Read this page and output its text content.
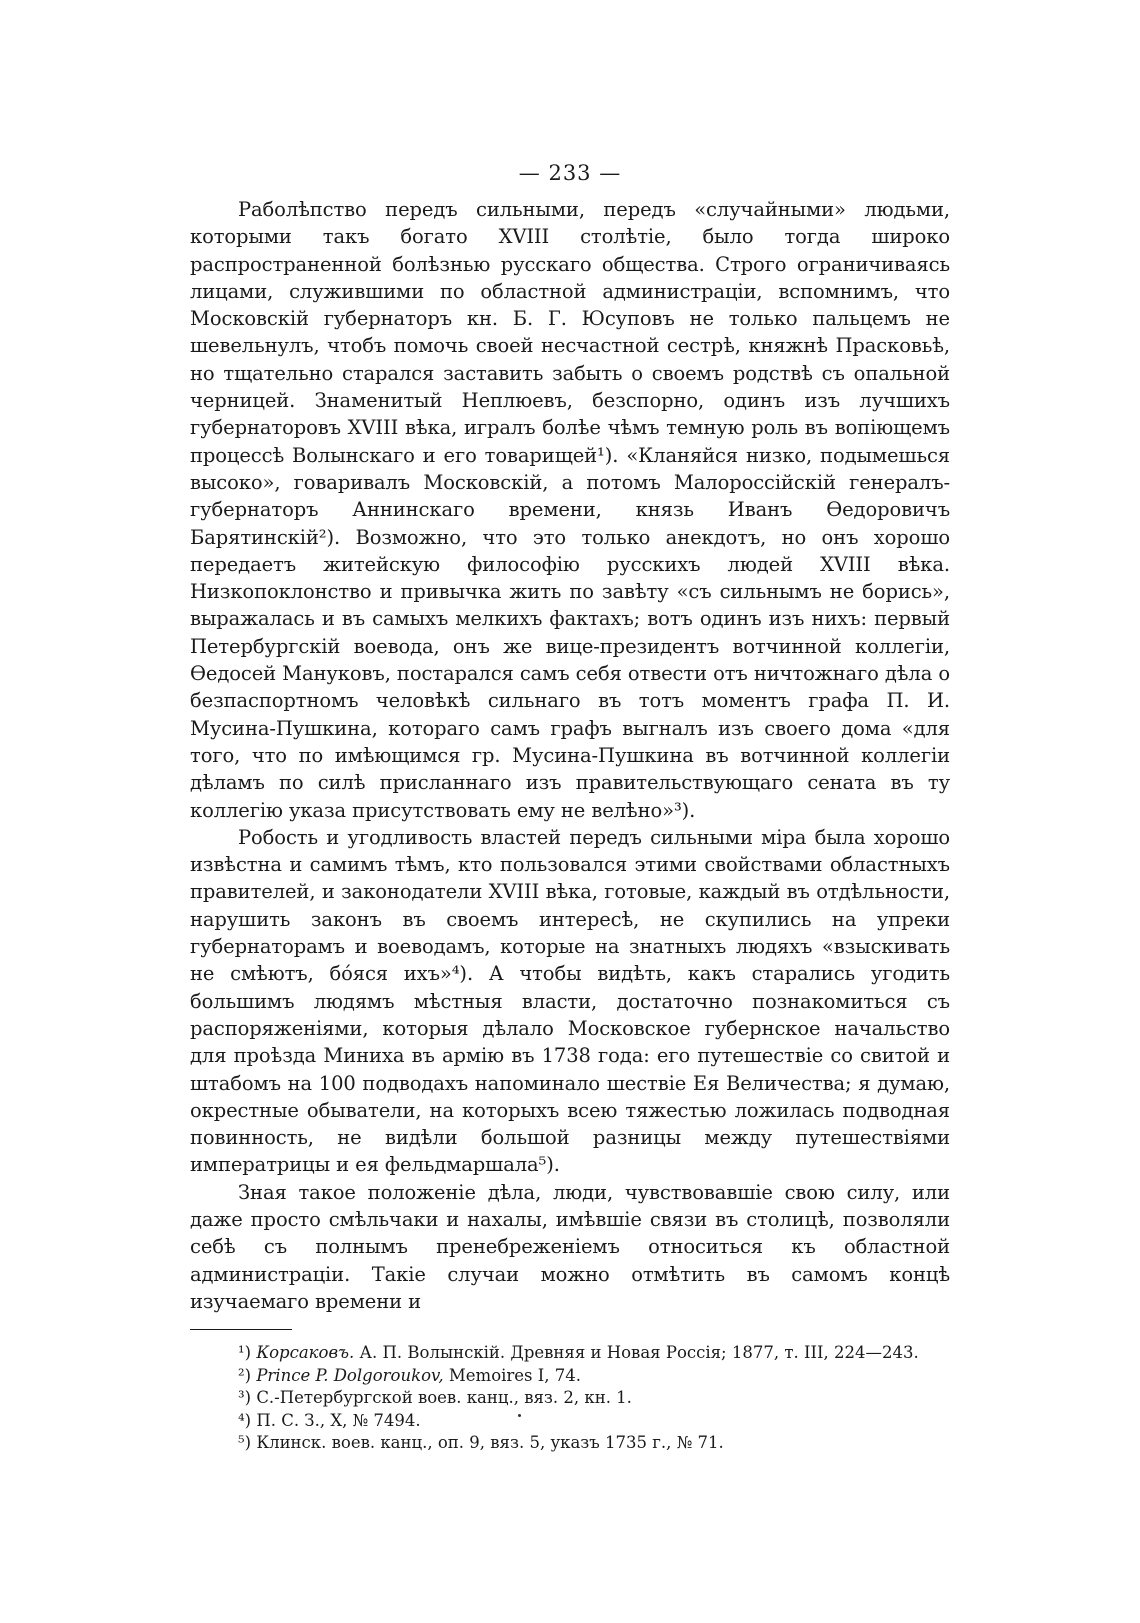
— 233 —

Раболѣпство передъ сильными, передъ «случайными» людьми, которыми такъ богато XVIII столѣтіе, было тогда широко распространенной болѣзнью русскаго общества. Строго ограничиваясь лицами, служившими по областной администраціи, вспомнимъ, что Московскій губернаторъ кн. Б. Г. Юсуповъ не только пальцемъ не шевельнулъ, чтобъ помочь своей несчастной сестрѣ, княжнѣ Прасковьѣ, но тщательно старался заставить забыть о своемъ родствѣ съ опальной черницей. Знаменитый Неплюевъ, безспорно, одинъ изъ лучшихъ губернаторовъ XVIII вѣка, игралъ болѣе чѣмъ темную роль въ вопіющемъ процессѣ Волынскаго и его товарищей¹). «Кланяйся низко, подымешься высоко», говаривалъ Московскій, а потомъ Малороссійскій генералъ-губернаторъ Аннинскаго времени, князь Иванъ Ѳедоровичъ Барятинскій²). Возможно, что это только анекдотъ, но онъ хорошо передаетъ житейскую философію русскихъ людей XVIII вѣка. Низкопоклонство и привычка жить по завѣту «съ сильнымъ не борись», выражалась и въ самыхъ мелкихъ фактахъ; вотъ одинъ изъ нихъ: первый Петербургскій воевода, онъ же вице-президентъ вотчинной коллегіи, Ѳедосей Мануковъ, постарался самъ себя отвести отъ ничтожнаго дѣла о безпаспортномъ человѣкѣ сильнаго въ тотъ моментъ графа П. И. Мусина-Пушкина, котораго самъ графъ выгналъ изъ своего дома «для того, что по имѣющимся гр. Мусина-Пушкина въ вотчинной коллегіи дѣламъ по силѣ присланнаго изъ правительствующаго сената въ ту коллегію указа присутствовать ему не велѣно»³).

Робость и угодливость властей передъ сильными міра была хорошо извѣстна и самимъ тѣмъ, кто пользовался этими свойствами областныхъ правителей, и законодатели XVIII вѣка, готовые, каждый въ отдѣльности, нарушить законъ въ своемъ интересѣ, не скупились на упреки губернаторамъ и воеводамъ, которые на знатныхъ людяхъ «взыскивать не смѣютъ, бо́яся ихъ»⁴). А чтобы видѣть, какъ старались угодить большимъ людямъ мѣстныя власти, достаточно познакомиться съ распоряженіями, которыя дѣлало Московское губернское начальство для проѣзда Миниха въ армію въ 1738 года: его путешествіе со свитой и штабомъ на 100 подводахъ напоминало шествіе Ея Величества; я думаю, окрестные обыватели, на которыхъ всею тяжестью ложилась подводная повинность, не видѣли большой разницы между путешествіями императрицы и ея фельдмаршала⁵).

Зная такое положеніе дѣла, люди, чувствовавшіе свою силу, или даже просто смѣльчаки и нахалы, имѣвшіе связи въ столицѣ, позволяли себѣ съ полнымъ пренебреженіемъ относиться къ областной администраціи. Такіе случаи можно отмѣтить въ самомъ концѣ изучаемаго времени и

¹) Корсаковъ. А. П. Волынскій. Древняя и Новая Россія; 1877, т. III, 224—243.

²) Prince P. Dolgoroukov, Memoires I, 74.

³) С.-Петербургской воев. канц., вяз. 2, кн. 1.

⁴) П. С. З., X, № 7494.

⁵) Клинск. воев. канц., оп. 9, вяз. 5, указъ 1735 г., № 71.
